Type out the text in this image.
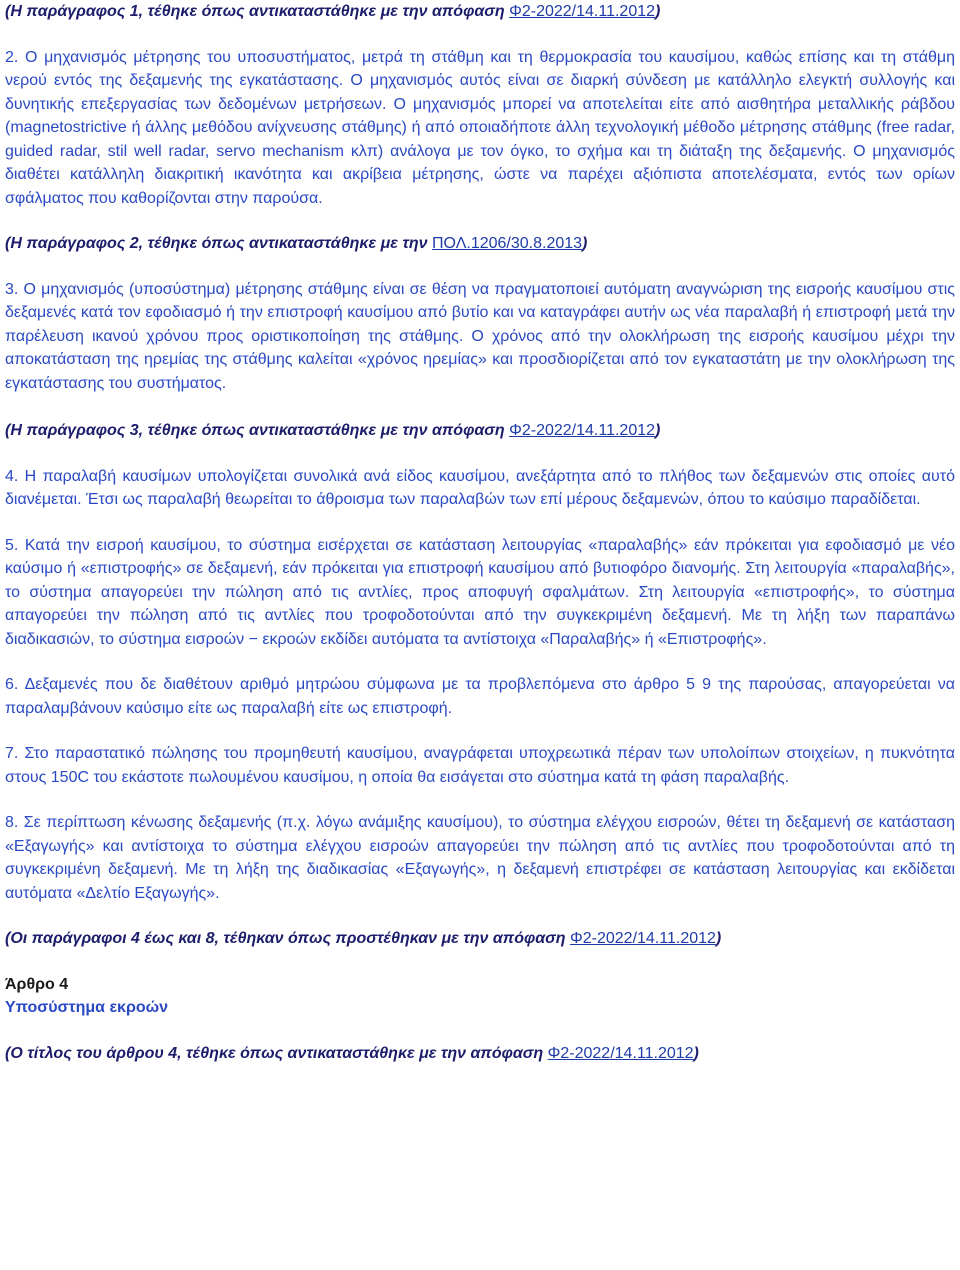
(Η παράγραφος 1, τέθηκε όπως αντικαταστάθηκε με την απόφαση Φ2-2022/14.11.2012)

2. Ο μηχανισμός μέτρησης του υποσυστήματος, μετρά τη στάθμη και τη θερμοκρασία του καυσίμου, καθώς επίσης και τη στάθμη νερού εντός της δεξαμενής της εγκατάστασης. Ο μηχανισμός αυτός είναι σε διαρκή σύνδεση με κατάλληλο ελεγκτή συλλογής και δυνητικής επεξεργασίας των δεδομένων μετρήσεων. Ο μηχανισμός μπορεί να αποτελείται είτε από αισθητήρα μεταλλικής ράβδου (magnetostrictive ή άλλης μεθόδου ανίχνευσης στάθμης) ή από οποιαδήποτε άλλη τεχνολογική μέθοδο μέτρησης στάθμης (free radar, guided radar, stil well radar, servo mechanism κλπ) ανάλογα με τον όγκο, το σχήμα και τη διάταξη της δεξαμενής. Ο μηχανισμός διαθέτει κατάλληλη διακριτική ικανότητα και ακρίβεια μέτρησης, ώστε να παρέχει αξιόπιστα αποτελέσματα, εντός των ορίων σφάλματος που καθορίζονται στην παρούσα.

(Η παράγραφος 2, τέθηκε όπως αντικαταστάθηκε με την ΠΟΛ.1206/30.8.2013)

3. Ο μηχανισμός (υποσύστημα) μέτρησης στάθμης είναι σε θέση να πραγματοποιεί αυτόματη αναγνώριση της εισροής καυσίμου στις δεξαμενές κατά τον εφοδιασμό ή την επιστροφή καυσίμου από βυτίο και να καταγράφει αυτήν ως νέα παραλαβή ή επιστροφή μετά την παρέλευση ικανού χρόνου προς οριστικοποίηση της στάθμης. Ο χρόνος από την ολοκλήρωση της εισροής καυσίμου μέχρι την αποκατάσταση της ηρεμίας της στάθμης καλείται «χρόνος ηρεμίας» και προσδιορίζεται από τον εγκαταστάτη με την ολοκλήρωση της εγκατάστασης του συστήματος.

(Η παράγραφος 3, τέθηκε όπως αντικαταστάθηκε με την απόφαση Φ2-2022/14.11.2012)

4. Η παραλαβή καυσίμων υπολογίζεται συνολικά ανά είδος καυσίμου, ανεξάρτητα από το πλήθος των δεξαμενών στις οποίες αυτό διανέμεται. Έτσι ως παραλαβή θεωρείται το άθροισμα των παραλαβών των επί μέρους δεξαμενών, όπου το καύσιμο παραδίδεται.

5. Κατά την εισροή καυσίμου, το σύστημα εισέρχεται σε κατάσταση λειτουργίας «παραλαβής» εάν πρόκειται για εφοδιασμό με νέο καύσιμο ή «επιστροφής» σε δεξαμενή, εάν πρόκειται για επιστροφή καυσίμου από βυτιοφόρο διανομής. Στη λειτουργία «παραλαβής», το σύστημα απαγορεύει την πώληση από τις αντλίες, προς αποφυγή σφαλμάτων. Στη λειτουργία «επιστροφής», το σύστημα απαγορεύει την πώληση από τις αντλίες που τροφοδοτούνται από την συγκεκριμένη δεξαμενή. Με τη λήξη των παραπάνω διαδικασιών, το σύστημα εισροών − εκροών εκδίδει αυτόματα τα αντίστοιχα «Παραλαβής» ή «Επιστροφής».

6. Δεξαμενές που δε διαθέτουν αριθμό μητρώου σύμφωνα με τα προβλεπόμενα στο άρθρο 5 9 της παρούσας, απαγορεύεται να παραλαμβάνουν καύσιμο είτε ως παραλαβή είτε ως επιστροφή.

7. Στο παραστατικό πώλησης του προμηθευτή καυσίμου, αναγράφεται υποχρεωτικά πέραν των υπολοίπων στοιχείων, η πυκνότητα στους 150C του εκάστοτε πωλουμένου καυσίμου, η οποία θα εισάγεται στο σύστημα κατά τη φάση παραλαβής.

8. Σε περίπτωση κένωσης δεξαμενής (π.χ. λόγω ανάμιξης καυσίμου), το σύστημα ελέγχου εισροών, θέτει τη δεξαμενή σε κατάσταση «Εξαγωγής» και αντίστοιχα το σύστημα ελέγχου εισροών απαγορεύει την πώληση από τις αντλίες που τροφοδοτούνται από τη συγκεκριμένη δεξαμενή. Με τη λήξη της διαδικασίας «Εξαγωγής», η δεξαμενή επιστρέφει σε κατάσταση λειτουργίας και εκδίδεται αυτόματα «Δελτίο Εξαγωγής».

(Οι παράγραφοι 4 έως και 8, τέθηκαν όπως προστέθηκαν με την απόφαση Φ2-2022/14.11.2012)

Άρθρο 4

Υποσύστημα εκροών

(Ο τίτλος του άρθρου 4, τέθηκε όπως αντικαταστάθηκε με την απόφαση Φ2-2022/14.11.2012)
